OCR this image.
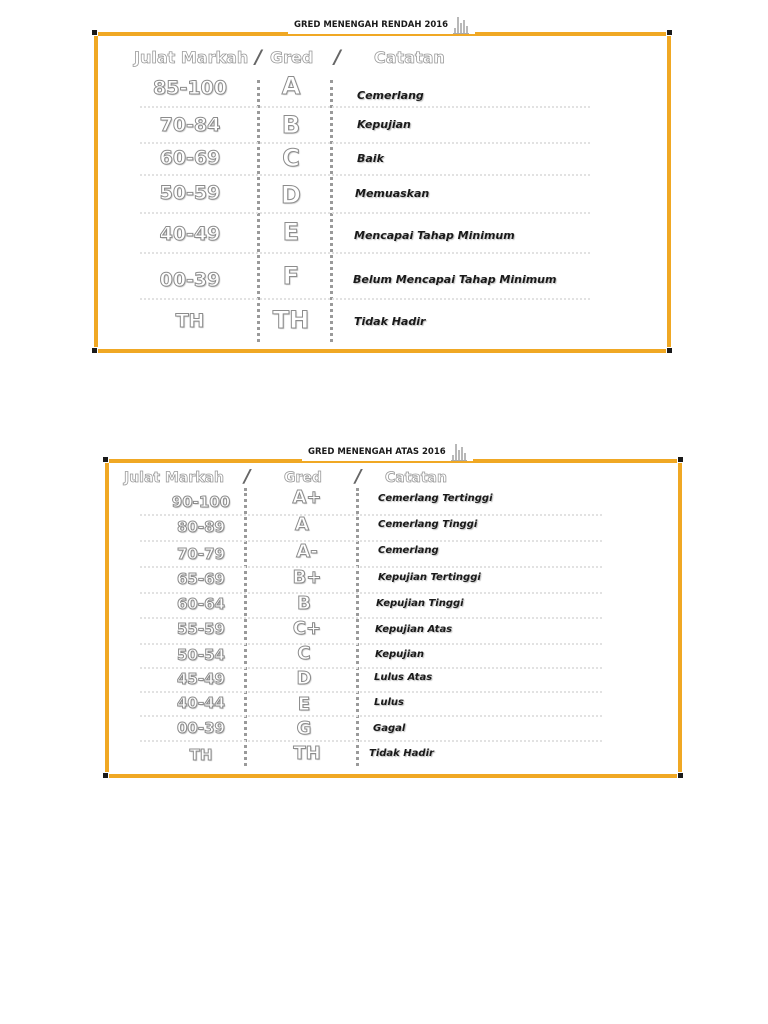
GRED MENENGAH RENDAH 2016
Julat Markah / Gred / Catatan
85-100	A	Cemerlang
70-84	B	Kepujian
60-69	C	Baik
50-59	D	Memuaskan
40-49	E	Mencapai Tahap Minimum
00-39	F	Belum Mencapai Tahap Minimum
TH	TH	Tidak Hadir
GRED MENENGAH ATAS 2016
Julat Markah / Gred / Catatan
90-100	A+	Cemerlang Tertinggi
80-89	A	Cemerlang Tinggi
70-79	A-	Cemerlang
65-69	B+	Kepujian Tertinggi
60-64	B	Kepujian Tinggi
55-59	C+	Kepujian Atas
50-54	C	Kepujian
45-49	D	Lulus Atas
40-44	E	Lulus
00-39	G	Gagal
TH	TH	Tidak Hadir
